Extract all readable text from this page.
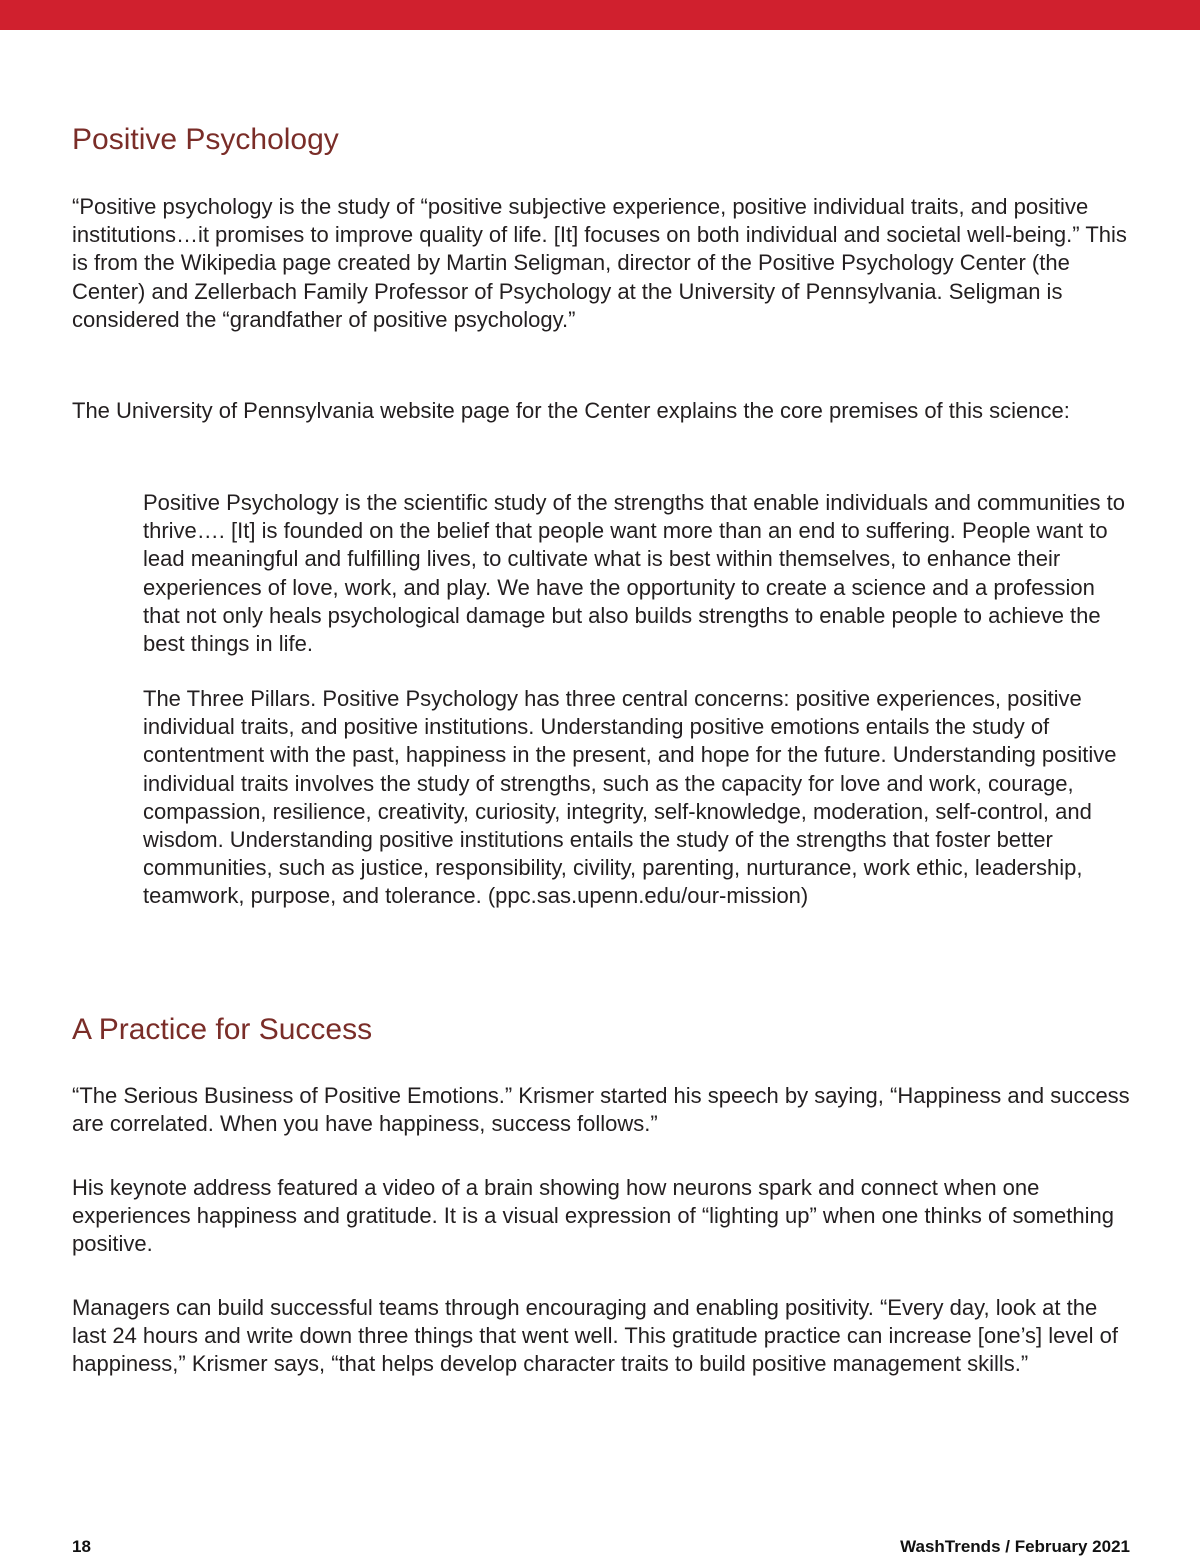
Positive Psychology

“Positive psychology is the study of “positive subjective experience, positive individual traits, and positive institutions…it promises to improve quality of life. [It] focuses on both individual and societal well-being.” This is from the Wikipedia page created by Martin Seligman, director of the Positive Psychology Center (the Center) and Zellerbach Family Professor of Psychology at the University of Pennsylvania. Seligman is considered the “grandfather of positive psychology.”

The University of Pennsylvania website page for the Center explains the core premises of this science:

Positive Psychology is the scientific study of the strengths that enable individuals and communities to thrive…. [It] is founded on the belief that people want more than an end to suffering. People want to lead meaningful and fulfilling lives, to cultivate what is best within themselves, to enhance their experiences of love, work, and play. We have the opportunity to create a science and a profession that not only heals psychological damage but also builds strengths to enable people to achieve the best things in life.

The Three Pillars. Positive Psychology has three central concerns: positive experiences, positive individual traits, and positive institutions. Understanding positive emotions entails the study of contentment with the past, happiness in the present, and hope for the future. Understanding positive individual traits involves the study of strengths, such as the capacity for love and work, courage, compassion, resilience, creativity, curiosity, integrity, self-knowledge, moderation, self-control, and wisdom. Understanding positive institutions entails the study of the strengths that foster better communities, such as justice, responsibility, civility, parenting, nurturance, work ethic, leadership, teamwork, purpose, and tolerance. (ppc.sas.upenn.edu/our-mission)

A Practice for Success

“The Serious Business of Positive Emotions.” Krismer started his speech by saying, “Happiness and success are correlated. When you have happiness, success follows.”

His keynote address featured a video of a brain showing how neurons spark and connect when one experiences happiness and gratitude. It is a visual expression of “lighting up” when one thinks of something positive.

Managers can build successful teams through encouraging and enabling positivity. “Every day, look at the last 24 hours and write down three things that went well. This gratitude practice can increase [one’s] level of happiness,” Krismer says, “that helps develop character traits to build positive management skills.”

18	WashTrends / February 2021
